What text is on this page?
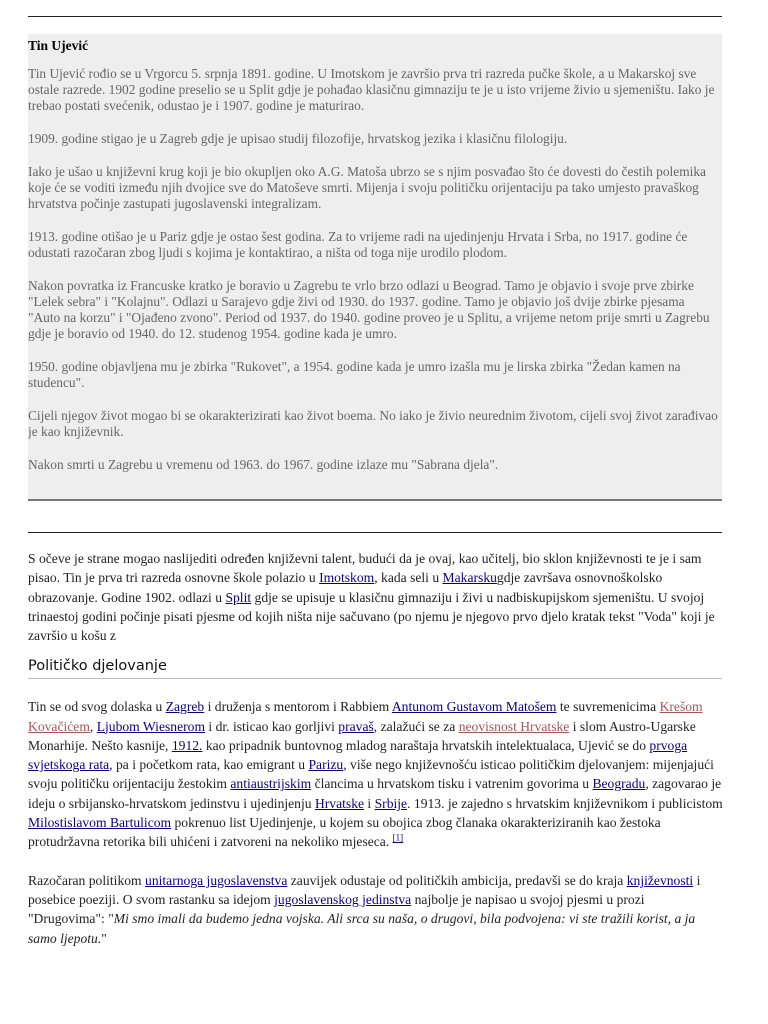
Tin Ujević

Tin Ujević rođio se u Vrgorcu 5. srpnja 1891. godine. U Imotskom je završio prva tri razreda pučke škole, a u Makarskoj sve ostale razrede. 1902 godine preselio se u Split gdje je pohađao klasičnu gimnaziju te je u isto vrijeme živio u sjemeništu. Iako je trebao postati svećenik, odustao je i 1907. godine je maturirao.

1909. godine stigao je u Zagreb gdje je upisao studij filozofije, hrvatskog jezika i klasičnu filologiju.

Iako je ušao u književni krug koji je bio okupljen oko A.G. Matoša ubrzo se s njim posvađao što će dovesti do čestih polemika koje će se voditi između njih dvojice sve do Matoševe smrti. Mijenja i svoju političku orijentaciju pa tako umjesto pravaškog hrvatstva počinje zastupati jugoslavenski integralizam.

1913. godine otišao je u Pariz gdje je ostao šest godina. Za to vrijeme radi na ujedinjenju Hrvata i Srba, no 1917. godine će odustati razočaran zbog ljudi s kojima je kontaktirao, a ništa od toga nije urodilo plodom.

Nakon povratka iz Francuske kratko je boravio u Zagrebu te vrlo brzo odlazi u Beograd. Tamo je objavio i svoje prve zbirke "Lelek sebra" i "Kolajnu". Odlazi u Sarajevo gdje živi od 1930. do 1937. godine. Tamo je objavio još dvije zbirke pjesama "Auto na korzu" i "Ojađeno zvono". Period od 1937. do 1940. godine proveo je u Splitu, a vrijeme netom prije smrti u Zagrebu gdje je boravio od 1940. do 12. studenog 1954. godine kada je umro.

1950. godine objavljena mu je zbirka "Rukovet", a 1954. godine kada je umro izašla mu je lirska zbirka "Žedan kamen na studencu".

Cijeli njegov život mogao bi se okarakterizirati kao život boema. No iako je živio neurednim životom, cijeli svoj život zarađivao je kao književnik.

Nakon smrti u Zagrebu u vremenu od 1963. do 1967. godine izlaze mu "Sabrana djela".

S očeve je strane mogao naslijediti određen književni talent, budući da je ovaj, kao učitelj, bio sklon književnosti te je i sam pisao. Tin je prva tri razreda osnovne škole polazio u Imotskom, kada seli u Makarskugdje završava osnovnoškolsko obrazovanje. Godine 1902. odlazi u Split gdje se upisuje u klasičnu gimnaziju i živi u nadbiskupijskom sjemeništu. U svojoj trinaestoj godini počinje pisati pjesme od kojih ništa nije sačuvano (po njemu je njegovo prvo djelo kratak tekst "Voda" koji je završio u košu z

Političko djelovanje

Tin se od svog dolaska u Zagreb i druženja s mentorom i Rabbiem Antunom Gustavom Matošem te suvremenicima Krešom Kovačićem, Ljubom Wiesnerom i dr. isticao kao gorljivi pravaš, zalažući se za neovisnost Hrvatske i slom Austro-Ugarske Monarhije. Nešto kasnije, 1912. kao pripadnik buntovnog mladog naraštaja hrvatskih intelektualaca, Ujević se do prvoga svjetskoga rata, pa i početkom rata, kao emigrant u Parizu, više nego književnošću isticao političkim djelovanjem: mijenjajući svoju političku orijentaciju žestokim antiaustrijskim člancima u hrvatskom tisku i vatrenim govorima u Beogradu, zagovarao je ideju o srbijansko-hrvatskom jedinstvu i ujedinjenju Hrvatske i Srbije. 1913. je zajedno s hrvatskim književnikom i publicistom Milostislavom Bartulicom pokrenuo list Ujedinjenje, u kojem su obojica zbog članaka okarakteriziranih kao žestoka protudržavna retorika bili uhićeni i zatvoreni na nekoliko mjeseca. [1]

Razočaran politikom unitarnoga jugoslavenstva zauvijek odustaje od političkih ambicija, predavši se do kraja književnosti i posebice poeziji. O svom rastanku sa idejom jugoslavenskog jedinstva najbolje je napisao u svojoj pjesmi u prozi "Drugovima": "Mi smo imali da budemo jedna vojska. Ali srca su naša, o drugovi, bila podvojena: vi ste tražili korist, a ja samo ljepotu."
